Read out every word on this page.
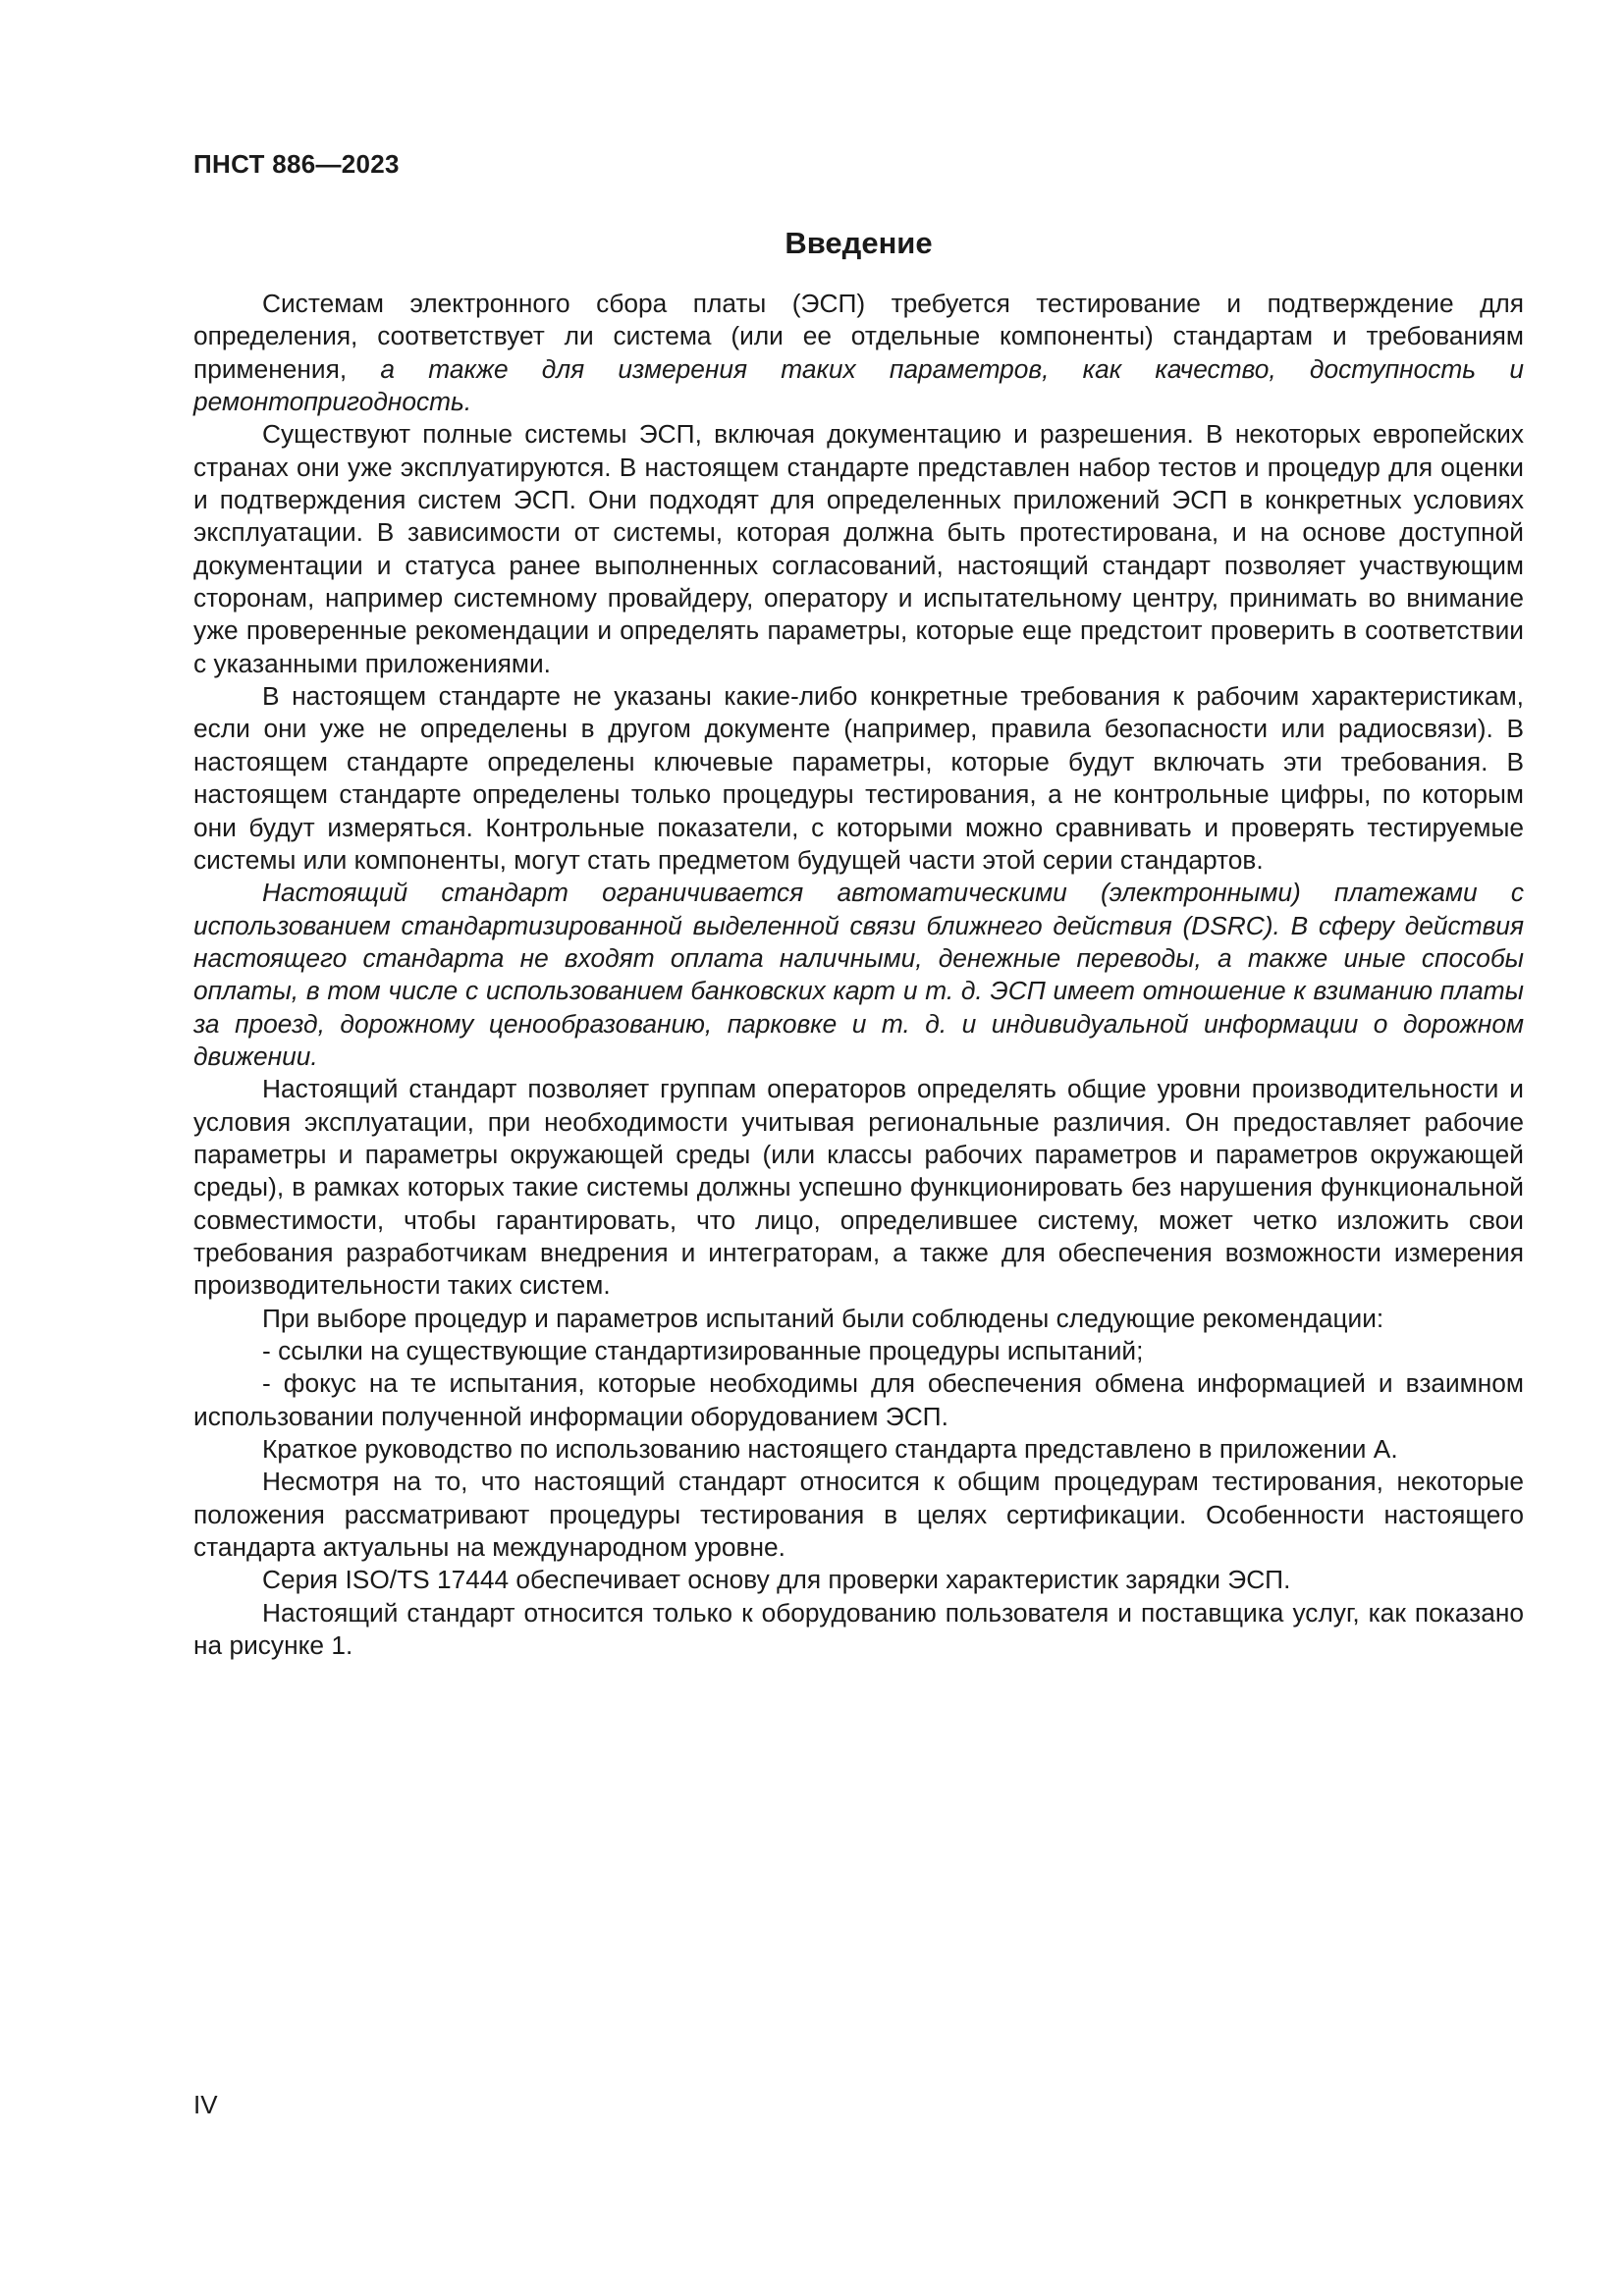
ПНСТ 886—2023
Введение

Системам электронного сбора платы (ЭСП) требуется тестирование и подтверждение для определения, соответствует ли система (или ее отдельные компоненты) стандартам и требованиям применения, а также для измерения таких параметров, как качество, доступность и ремонтопригодность.

Существуют полные системы ЭСП, включая документацию и разрешения. В некоторых европейских странах они уже эксплуатируются. В настоящем стандарте представлен набор тестов и процедур для оценки и подтверждения систем ЭСП. Они подходят для определенных приложений ЭСП в конкретных условиях эксплуатации. В зависимости от системы, которая должна быть протестирована, и на основе доступной документации и статуса ранее выполненных согласований, настоящий стандарт позволяет участвующим сторонам, например системному провайдеру, оператору и испытательному центру, принимать во внимание уже проверенные рекомендации и определять параметры, которые еще предстоит проверить в соответствии с указанными приложениями.

В настоящем стандарте не указаны какие-либо конкретные требования к рабочим характеристикам, если они уже не определены в другом документе (например, правила безопасности или радиосвязи). В настоящем стандарте определены ключевые параметры, которые будут включать эти требования. В настоящем стандарте определены только процедуры тестирования, а не контрольные цифры, по которым они будут измеряться. Контрольные показатели, с которыми можно сравнивать и проверять тестируемые системы или компоненты, могут стать предметом будущей части этой серии стандартов.

Настоящий стандарт ограничивается автоматическими (электронными) платежами с использованием стандартизированной выделенной связи ближнего действия (DSRC). В сферу действия настоящего стандарта не входят оплата наличными, денежные переводы, а также иные способы оплаты, в том числе с использованием банковских карт и т. д. ЭСП имеет отношение к взиманию платы за проезд, дорожному ценообразованию, парковке и т. д. и индивидуальной информации о дорожном движении.

Настоящий стандарт позволяет группам операторов определять общие уровни производительности и условия эксплуатации, при необходимости учитывая региональные различия. Он предоставляет рабочие параметры и параметры окружающей среды (или классы рабочих параметров и параметров окружающей среды), в рамках которых такие системы должны успешно функционировать без нарушения функциональной совместимости, чтобы гарантировать, что лицо, определившее систему, может четко изложить свои требования разработчикам внедрения и интеграторам, а также для обеспечения возможности измерения производительности таких систем.

При выборе процедур и параметров испытаний были соблюдены следующие рекомендации:

- ссылки на существующие стандартизированные процедуры испытаний;

- фокус на те испытания, которые необходимы для обеспечения обмена информацией и взаимном использовании полученной информации оборудованием ЭСП.

Краткое руководство по использованию настоящего стандарта представлено в приложении А.

Несмотря на то, что настоящий стандарт относится к общим процедурам тестирования, некоторые положения рассматривают процедуры тестирования в целях сертификации. Особенности настоящего стандарта актуальны на международном уровне.

Серия ISO/TS 17444 обеспечивает основу для проверки характеристик зарядки ЭСП.

Настоящий стандарт относится только к оборудованию пользователя и поставщика услуг, как показано на рисунке 1.

IV
